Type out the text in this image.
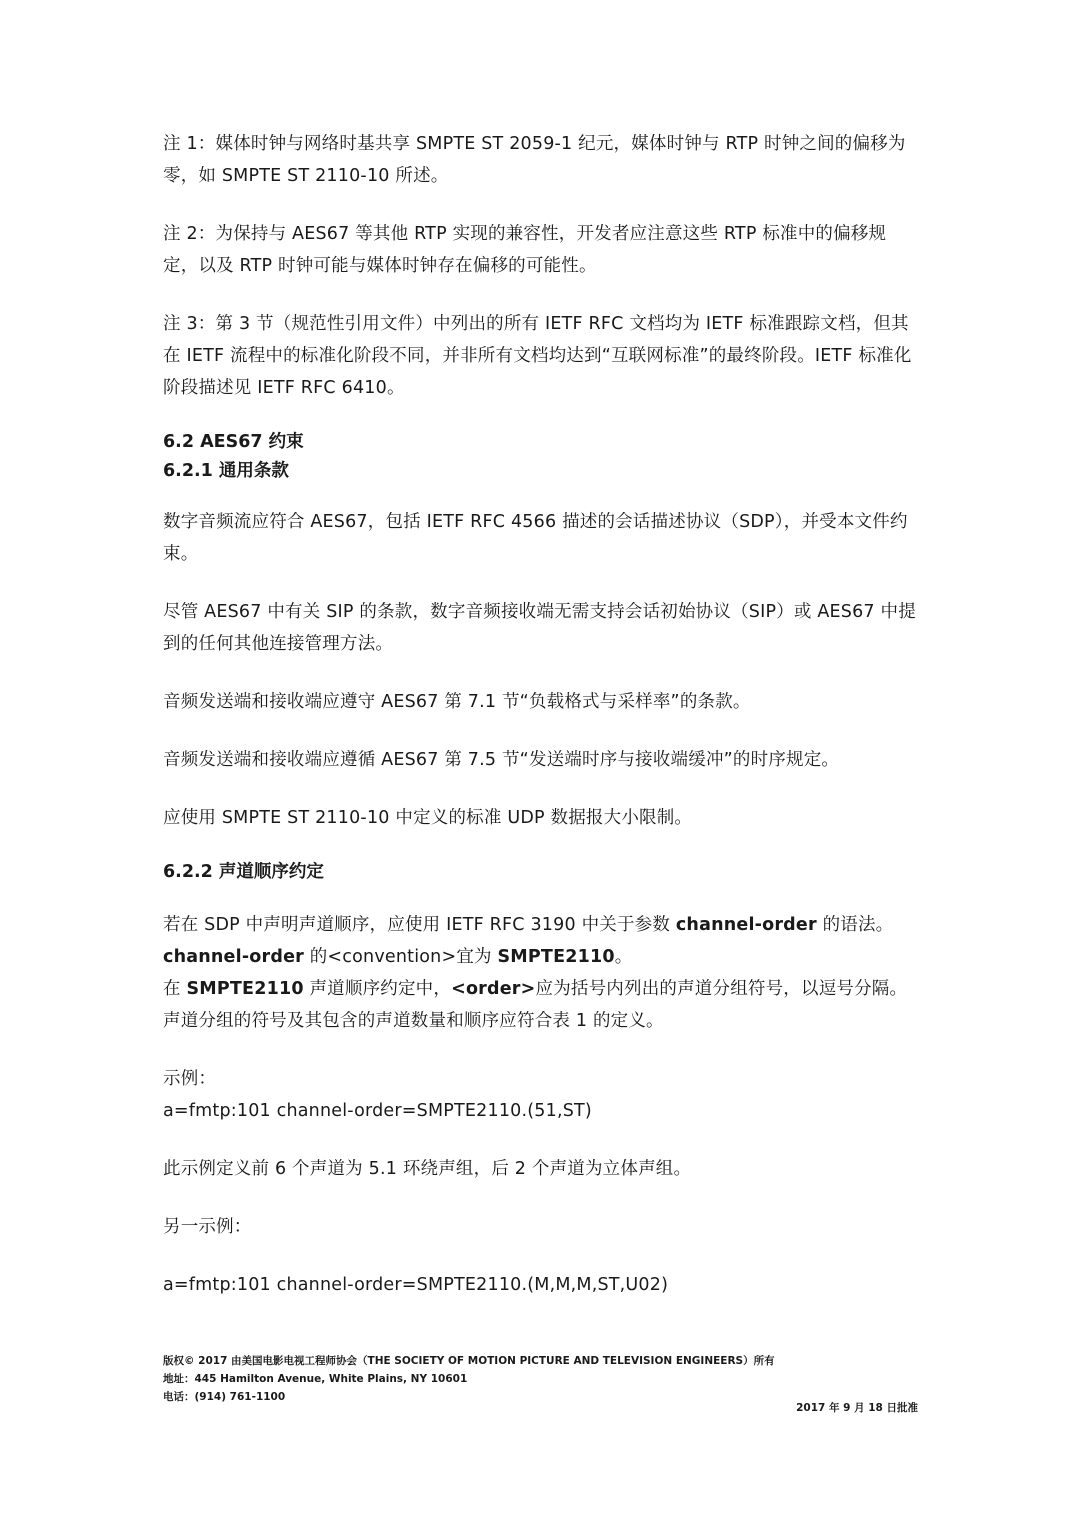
注 1：媒体时钟与网络时基共享 SMPTE ST 2059-1 纪元，媒体时钟与 RTP 时钟之间的偏移为零，如 SMPTE ST 2110-10 所述。

注 2：为保持与 AES67 等其他 RTP 实现的兼容性，开发者应注意这些 RTP 标准中的偏移规定，以及 RTP 时钟可能与媒体时钟存在偏移的可能性。

注 3：第 3 节（规范性引用文件）中列出的所有 IETF RFC 文档均为 IETF 标准跟踪文档，但其在 IETF 流程中的标准化阶段不同，并非所有文档均达到“互联网标准”的最终阶段。IETF 标准化阶段描述见 IETF RFC 6410。

6.2 AES67 约束

6.2.1 通用条款

数字音频流应符合 AES67，包括 IETF RFC 4566 描述的会话描述协议（SDP），并受本文件约束。

尽管 AES67 中有关 SIP 的条款，数字音频接收端无需支持会话初始协议（SIP）或 AES67 中提到的任何其他连接管理方法。

音频发送端和接收端应遵守 AES67 第 7.1 节“负载格式与采样率”的条款。

音频发送端和接收端应遵循 AES67 第 7.5 节“发送端时序与接收端缓冲”的时序规定。

应使用 SMPTE ST 2110-10 中定义的标准 UDP 数据报大小限制。

6.2.2 声道顺序约定

若在 SDP 中声明声道顺序，应使用 IETF RFC 3190 中关于参数 channel-order 的语法。
channel-order 的<convention>宜为 SMPTE2110。
在 SMPTE2110 声道顺序约定中，<order>应为括号内列出的声道分组符号，以逗号分隔。声道分组的符号及其包含的声道数量和顺序应符合表 1 的定义。

示例：

a=fmtp:101 channel-order=SMPTE2110.(51,ST)

此示例定义前 6 个声道为 5.1 环绕声组，后 2 个声道为立体声组。

另一示例：

a=fmtp:101 channel-order=SMPTE2110.(M,M,M,ST,U02)

版权© 2017 由美国电影电视工程师协会（THE SOCIETY OF MOTION PICTURE AND TELEVISION ENGINEERS）所有
地址：445 Hamilton Avenue, White Plains, NY 10601
电话：(914) 761-1100
2017 年 9 月 18 日批准
